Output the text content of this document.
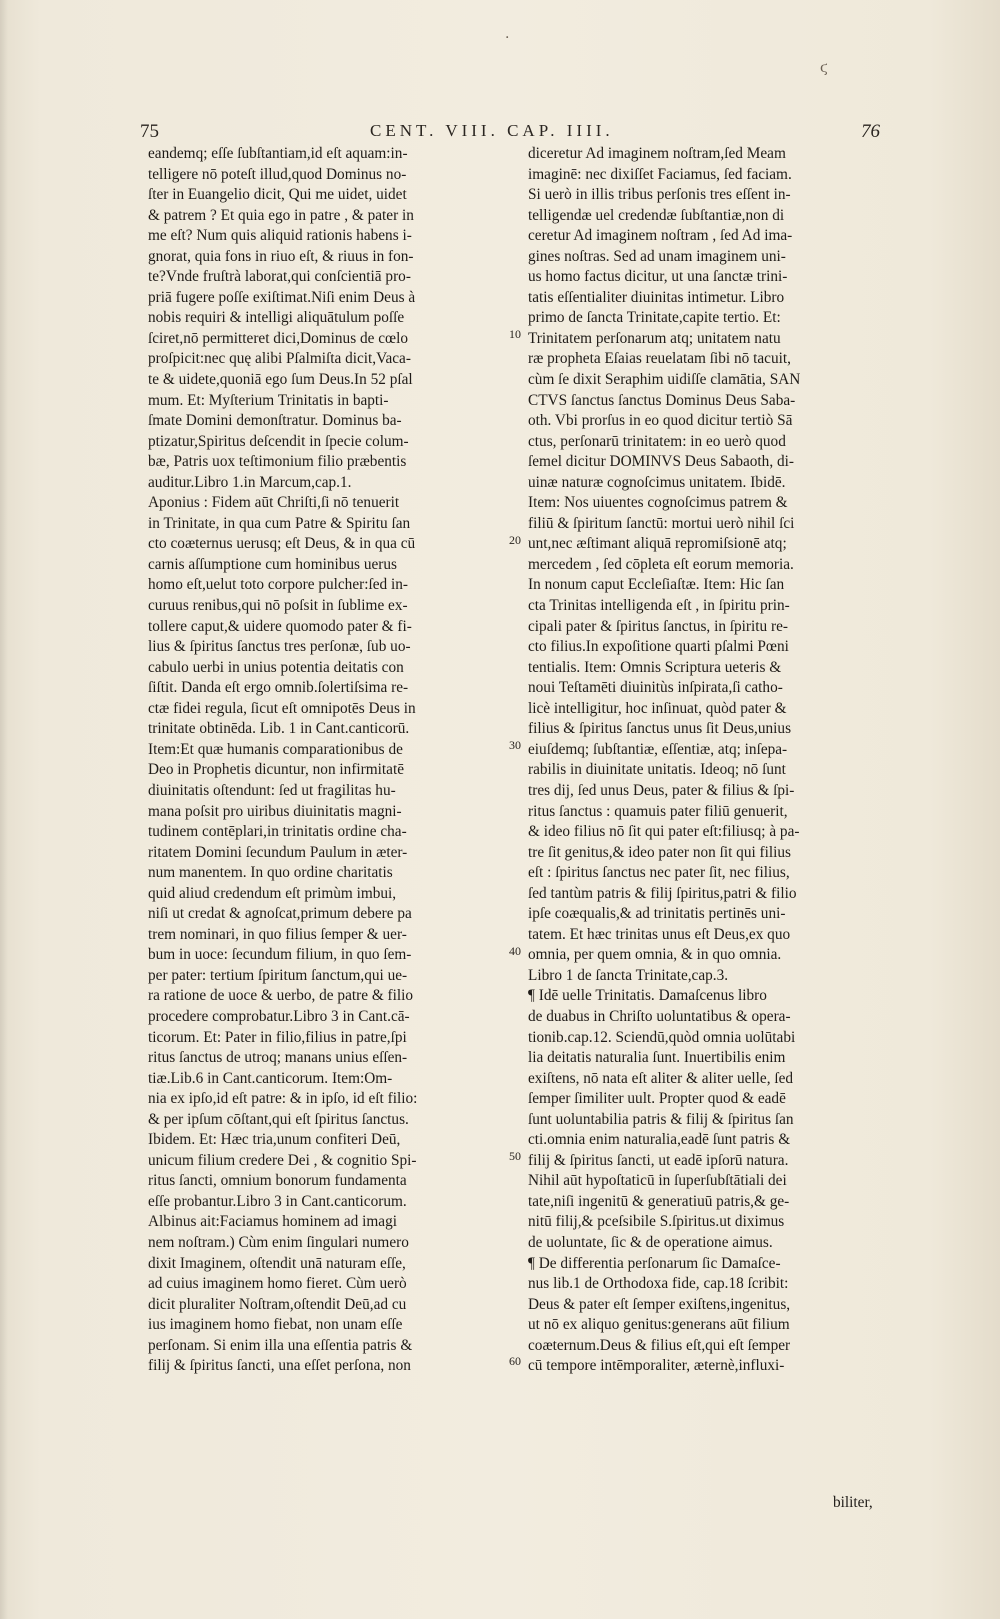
ϛ
·
75	CENT. VIII. CAP. IIII.	76
eandemq; eſſe ſubſtantiam,id eſt aquam:in-
telligere nō poteſt illud,quod Dominus no-
ſter in Euangelio dicit, Qui me uidet, uidet
& patrem ? Et quia ego in patre , & pater in
me eſt? Num quis aliquid rationis habens i-
gnorat, quia fons in riuo eſt, & riuus in fon-
te?Vnde fruſtrà laborat,qui conſcientiā pro-
priā fugere poſſe exiſtimat.Niſi enim Deus à
nobis requiri & intelligi aliquātulum poſſe
ſciret,nō permitteret dici,Dominus de cœlo
proſpicit:nec quę alibi Pſalmiſta dicit,Vaca-
te & uidete,quoniā ego ſum Deus.In 52 pſal
mum. Et: Myſterium Trinitatis in bapti-
ſmate Domini demonſtratur. Dominus ba-
ptizatur,Spiritus deſcendit in ſpecie colum-
bæ, Patris uox teſtimonium filio præbentis
auditur.Libro 1.in Marcum,cap.1.
Aponius : Fidem aūt Chriſti,ſi nō tenuerit
in Trinitate, in qua cum Patre & Spiritu ſan
cto coæternus uerusq; eſt Deus, & in qua cū
carnis aſſumptione cum hominibus uerus
homo eſt,uelut toto corpore pulcher:ſed in-
curuus renibus,qui nō poſsit in ſublime ex-
tollere caput,& uidere quomodo pater & fi-
lius & ſpiritus ſanctus tres perſonæ, ſub uo-
cabulo uerbi in unius potentia deitatis con
ſiſtit. Danda eſt ergo omnib.ſolertiſsima re-
ctæ fidei regula, ſicut eſt omnipotēs Deus in
trinitate obtinēda. Lib. 1 in Cant.canticorū.
Item:Et quæ humanis comparationibus de
Deo in Prophetis dicuntur, non infirmitatē
diuinitatis oſtendunt: ſed ut fragilitas hu-
mana poſsit pro uiribus diuinitatis magni-
tudinem contēplari,in trinitatis ordine cha-
ritatem Domini ſecundum Paulum in æter-
num manentem. In quo ordine charitatis
quid aliud credendum eſt primùm imbui,
niſi ut credat & agnoſcat,primum debere pa
trem nominari, in quo filius ſemper & uer-
bum in uoce: ſecundum filium, in quo ſem-
per pater: tertium ſpiritum ſanctum,qui ue-
ra ratione de uoce & uerbo, de patre & filio
procedere comprobatur.Libro 3 in Cant.cā-
ticorum. Et: Pater in filio,filius in patre,ſpi
ritus ſanctus de utroq; manans unius eſſen-
tiæ.Lib.6 in Cant.canticorum. Item:Om-
nia ex ipſo,id eſt patre: & in ipſo, id eſt filio:
& per ipſum cōſtant,qui eſt ſpiritus ſanctus.
Ibidem. Et: Hæc tria,unum confiteri Deū,
unicum filium credere Dei , & cognitio Spi-
ritus ſancti, omnium bonorum fundamenta
eſſe probantur.Libro 3 in Cant.canticorum.
Albinus ait:Faciamus hominem ad imagi
nem noſtram.) Cùm enim ſingulari numero
dixit Imaginem, oſtendit unā naturam eſſe,
ad cuius imaginem homo fieret. Cùm uerò
dicit pluraliter Noſtram,oſtendit Deū,ad cu
ius imaginem homo fiebat, non unam eſſe
perſonam. Si enim illa una eſſentia patris &
filij & ſpiritus ſancti, una eſſet perſona, non
diceretur Ad imaginem noſtram,ſed Meam
imaginē: nec dixiſſet Faciamus, ſed faciam.
Si uerò in illis tribus perſonis tres eſſent in-
telligendæ uel credendæ ſubſtantiæ,non di
ceretur Ad imaginem noſtram , ſed Ad ima-
gines noſtras. Sed ad unam imaginem uni-
us homo factus dicitur, ut una ſanctæ trini-
tatis eſſentialiter diuinitas intimetur. Libro
primo de ſancta Trinitate,capite tertio. Et:
Trinitatem perſonarum atq; unitatem natu
ræ propheta Eſaias reuelatam ſibi nō tacuit,
cùm ſe dixit Seraphim uidiſſe clamātia, SAN
CTVS ſanctus ſanctus Dominus Deus Saba-
oth. Vbi prorſus in eo quod dicitur tertiò Sā
ctus, perſonarū trinitatem: in eo uerò quod
ſemel dicitur DOMINVS Deus Sabaoth, di-
uinæ naturæ cognoſcimus unitatem. Ibidē.
Item: Nos uiuentes cognoſcimus patrem &
filiū & ſpiritum ſanctū: mortui uerò nihil ſci
unt,nec æſtimant aliquā repromiſsionē atq;
mercedem , ſed cōpleta eſt eorum memoria.
In nonum caput Eccleſiaſtæ. Item: Hic ſan
cta Trinitas intelligenda eſt , in ſpiritu prin-
cipali pater & ſpiritus ſanctus, in ſpiritu re-
cto filius.In expoſitione quarti pſalmi Pœni
tentialis. Item: Omnis Scriptura ueteris &
noui Teſtamēti diuinitùs inſpirata,ſi catho-
licè intelligitur, hoc inſinuat, quòd pater &
filius & ſpiritus ſanctus unus ſit Deus,unius
eiuſdemq; ſubſtantiæ, eſſentiæ, atq; inſepa-
rabilis in diuinitate unitatis. Ideoq; nō ſunt
tres dij, ſed unus Deus, pater & filius & ſpi-
ritus ſanctus : quamuis pater filiū genuerit,
& ideo filius nō ſit qui pater eſt:filiusq; à pa-
tre ſit genitus,& ideo pater non ſit qui filius
eſt : ſpiritus ſanctus nec pater ſit, nec filius,
ſed tantùm patris & filij ſpiritus,patri & filio
ipſe coæqualis,& ad trinitatis pertinēs uni-
tatem. Et hæc trinitas unus eſt Deus,ex quo
omnia, per quem omnia, & in quo omnia.
Libro 1 de ſancta Trinitate,cap.3.
¶ Idē uelle Trinitatis. Damaſcenus libro
de duabus in Chriſto uoluntatibus & opera-
tionib.cap.12. Sciendū,quòd omnia uolūtabi
lia deitatis naturalia ſunt. Inuertibilis enim
exiſtens, nō nata eſt aliter & aliter uelle, ſed
ſemper ſimiliter uult. Propter quod & eadē
ſunt uoluntabilia patris & filij & ſpiritus ſan
cti.omnia enim naturalia,eadē ſunt patris &
filij & ſpiritus ſancti, ut eadē ipſorū natura.
Nihil aūt hypoſtaticū in ſuperſubſtātiali dei
tate,niſi ingenitū & generatiuū patris,& ge-
nitū filij,& pceſsibile S.ſpiritus.ut diximus
de uoluntate, ſic & de operatione aimus.
¶ De differentia perſonarum ſic Damaſce-
nus lib.1 de Orthodoxa fide, cap.18 ſcribit:
Deus & pater eſt ſemper exiſtens,ingenitus,
ut nō ex aliquo genitus:generans aūt filium
coæternum.Deus & filius eſt,qui eſt ſemper
cū tempore intēmporaliter, æternè,influxi-
10
20
30
40
50
60
biliter,
